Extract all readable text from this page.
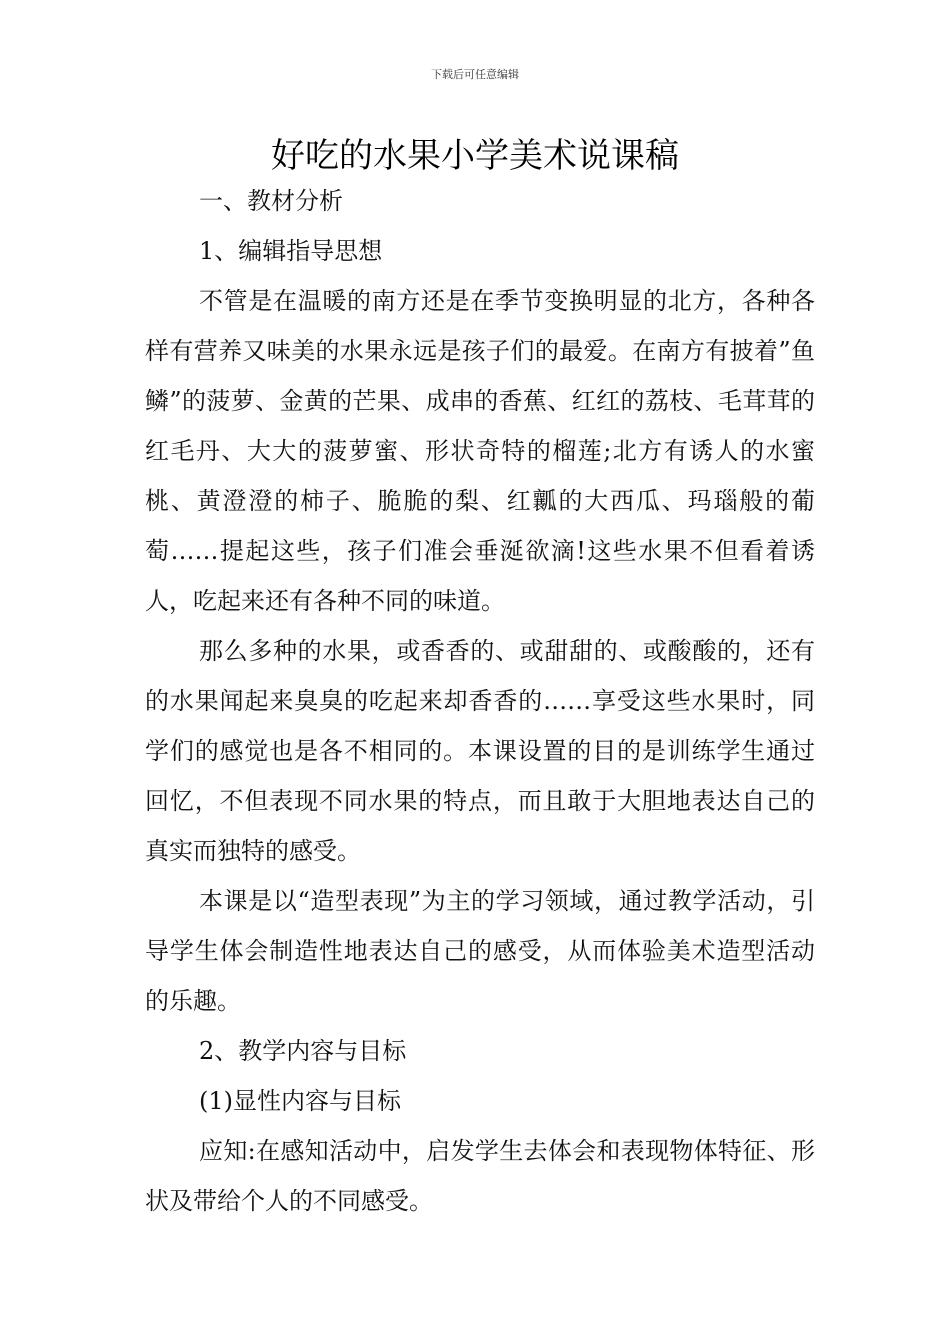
下载后可任意编辑
好吃的水果小学美术说课稿

一、教材分析

1、编辑指导思想

不管是在温暖的南方还是在季节变换明显的北方，各种各样有营养又味美的水果永远是孩子们的最爱。在南方有披着”鱼鳞”的菠萝、金黄的芒果、成串的香蕉、红红的荔枝、毛茸茸的红毛丹、大大的菠萝蜜、形状奇特的榴莲;北方有诱人的水蜜桃、黄澄澄的柿子、脆脆的梨、红瓤的大西瓜、玛瑙般的葡萄……提起这些，孩子们准会垂涎欲滴!这些水果不但看着诱人，吃起来还有各种不同的味道。

那么多种的水果，或香香的、或甜甜的、或酸酸的，还有的水果闻起来臭臭的吃起来却香香的……享受这些水果时，同学们的感觉也是各不相同的。本课设置的目的是训练学生通过回忆，不但表现不同水果的特点，而且敢于大胆地表达自己的真实而独特的感受。

本课是以“造型表现”为主的学习领域，通过教学活动，引导学生体会制造性地表达自己的感受，从而体验美术造型活动的乐趣。

2、教学内容与目标

(1)显性内容与目标

应知:在感知活动中，启发学生去体会和表现物体特征、形状及带给个人的不同感受。
